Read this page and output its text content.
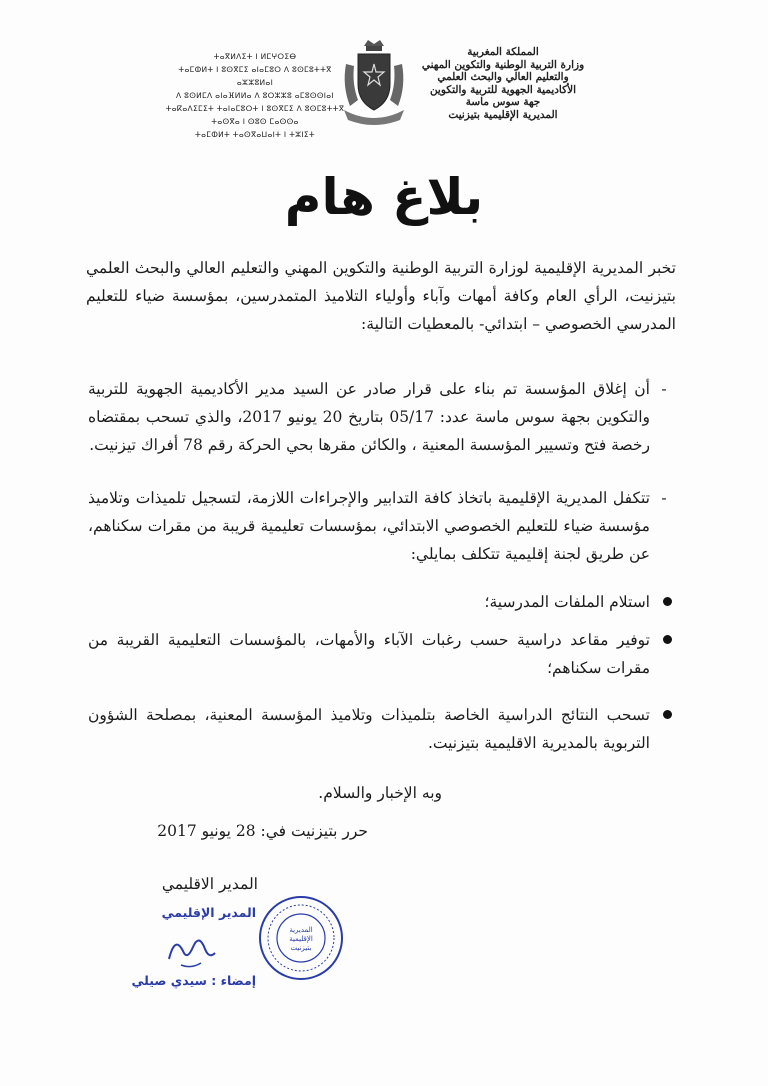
المملكة المغربية
وزارة التربية الوطنية والتكوين المهني
والتعليم العالي والبحث العلمي
الأكاديمية الجهوية للتربية والتكوين
جهة سوس ماسة
المديرية الإقليمية بتيزنيت
ⵜⴰⴳⵍⴷⵉⵜ ⵏ ⵍⵎⵖⵔⵉⴱ
ⵜⴰⵎⵀⵍⵜ ⵏ ⵓⵙⴳⵎⵉ ⴰⵏⴰⵎⵓⵔ ⴷ ⵓⵙⵎⵓⵜⵜⴳ ⴰⵣⵣⵓⵍⴰⵏ
ⴷ ⵓⵙⵍⵎⴷ ⴰⵏⴰⴼⵍⵍⴰ ⴷ ⵓⵔⵣⵣⵓ ⴰⵎⵓⵙⵙⵏⴰⵏ
ⵜⴰⴽⴰⴷⵉⵎⵉⵜ ⵜⴰⵏⴰⵎⵓⵔⵜ ⵏ ⵓⵙⴳⵎⵉ ⴷ ⵓⵙⵎⵓⵜⵜⴳ
ⵜⴰⵙⴳⴰ ⵏ ⵙⵓⵙ ⵎⴰⵙⵙⴰ
ⵜⴰⵎⵀⵍⵜ ⵜⴰⵙⴳⴰⵡⴰⵏⵜ ⵏ ⵜⵣⵏⵉⵜ
بلاغ هام
تخبر المديرية الإقليمية لوزارة التربية الوطنية والتكوين المهني والتعليم العالي والبحث العلمي بتيزنيت، الرأي العام وكافة أمهات وآباء وأولياء التلاميذ المتمدرسين، بمؤسسة ضياء للتعليم المدرسي الخصوصي – ابتدائي- بالمعطيات التالية:
-
أن إغلاق المؤسسة تم بناء على قرار صادر عن السيد مدير الأكاديمية الجهوية للتربية والتكوين بجهة سوس ماسة عدد: 05/17 بتاريخ 20 يونيو 2017، والذي تسحب بمقتضاه رخصة فتح وتسيير المؤسسة المعنية ، والكائن مقرها بحي الحركة رقم 78 أفراك تيزنيت.
-
تتكفل المديرية الإقليمية باتخاذ كافة التدابير والإجراءات اللازمة، لتسجيل تلميذات وتلاميذ مؤسسة ضياء للتعليم الخصوصي الابتدائي، بمؤسسات تعليمية قريبة من مقرات سكناهم، عن طريق لجنة إقليمية تتكلف بمايلي:
استلام الملفات المدرسية؛
توفير مقاعد دراسية حسب رغبات الآباء والأمهات، بالمؤسسات التعليمية القريبة من مقرات سكناهم؛
تسحب النتائج الدراسية الخاصة بتلميذات وتلاميذ المؤسسة المعنية، بمصلحة الشؤون التربوية بالمديرية الاقليمية بتيزنيت.
وبه الإخبار والسلام.
حرر بتيزنيت في: 28 يونيو 2017
المدير الاقليمي
المديرية
الإقليمية
بتيزنيت
المدير الإقليمي
إمضاء : سيدي صيلي
